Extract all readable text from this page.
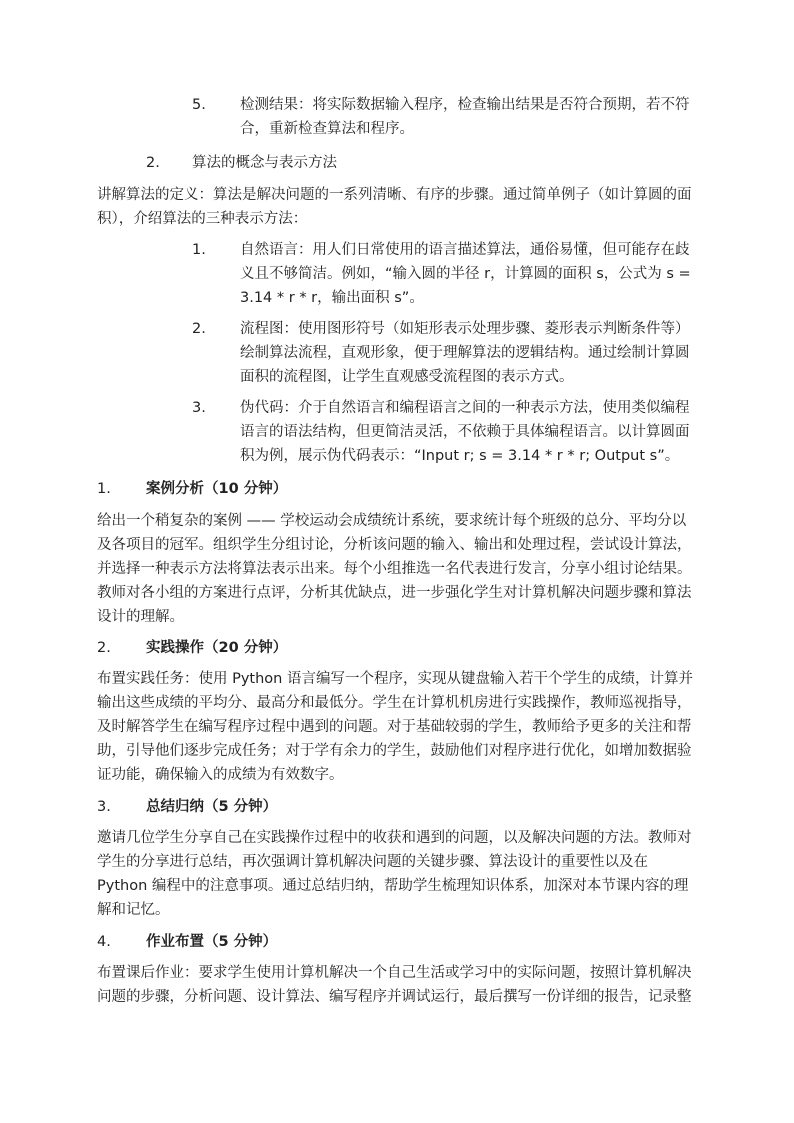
5. 检测结果：将实际数据输入程序，检查输出结果是否符合预期，若不符
合，重新检查算法和程序。
2. 算法的概念与表示方法
讲解算法的定义：算法是解决问题的一系列清晰、有序的步骤。通过简单例子（如计算圆的面
积），介绍算法的三种表示方法：
1. 自然语言：用人们日常使用的语言描述算法，通俗易懂，但可能存在歧
义且不够简洁。例如，“输入圆的半径 r，计算圆的面积 s，公式为 s =
3.14 * r * r，输出面积 s”。
2. 流程图：使用图形符号（如矩形表示处理步骤、菱形表示判断条件等）
绘制算法流程，直观形象，便于理解算法的逻辑结构。通过绘制计算圆
面积的流程图，让学生直观感受流程图的表示方式。
3. 伪代码：介于自然语言和编程语言之间的一种表示方法，使用类似编程
语言的语法结构，但更简洁灵活，不依赖于具体编程语言。以计算圆面
积为例，展示伪代码表示：“Input r; s = 3.14 * r * r; Output s”。
1. 案例分析（10 分钟）
给出一个稍复杂的案例 —— 学校运动会成绩统计系统，要求统计每个班级的总分、平均分以
及各项目的冠军。组织学生分组讨论，分析该问题的输入、输出和处理过程，尝试设计算法，
并选择一种表示方法将算法表示出来。每个小组推选一名代表进行发言，分享小组讨论结果。
教师对各小组的方案进行点评，分析其优缺点，进一步强化学生对计算机解决问题步骤和算法
设计的理解。
2. 实践操作（20 分钟）
布置实践任务：使用 Python 语言编写一个程序，实现从键盘输入若干个学生的成绩，计算并
输出这些成绩的平均分、最高分和最低分。学生在计算机机房进行实践操作，教师巡视指导，
及时解答学生在编写程序过程中遇到的问题。对于基础较弱的学生，教师给予更多的关注和帮
助，引导他们逐步完成任务；对于学有余力的学生，鼓励他们对程序进行优化，如增加数据验
证功能，确保输入的成绩为有效数字。
3. 总结归纳（5 分钟）
邀请几位学生分享自己在实践操作过程中的收获和遇到的问题，以及解决问题的方法。教师对
学生的分享进行总结，再次强调计算机解决问题的关键步骤、算法设计的重要性以及在
Python 编程中的注意事项。通过总结归纳，帮助学生梳理知识体系，加深对本节课内容的理
解和记忆。
4. 作业布置（5 分钟）
布置课后作业：要求学生使用计算机解决一个自己生活或学习中的实际问题，按照计算机解决
问题的步骤，分析问题、设计算法、编写程序并调试运行，最后撰写一份详细的报告，记录整
